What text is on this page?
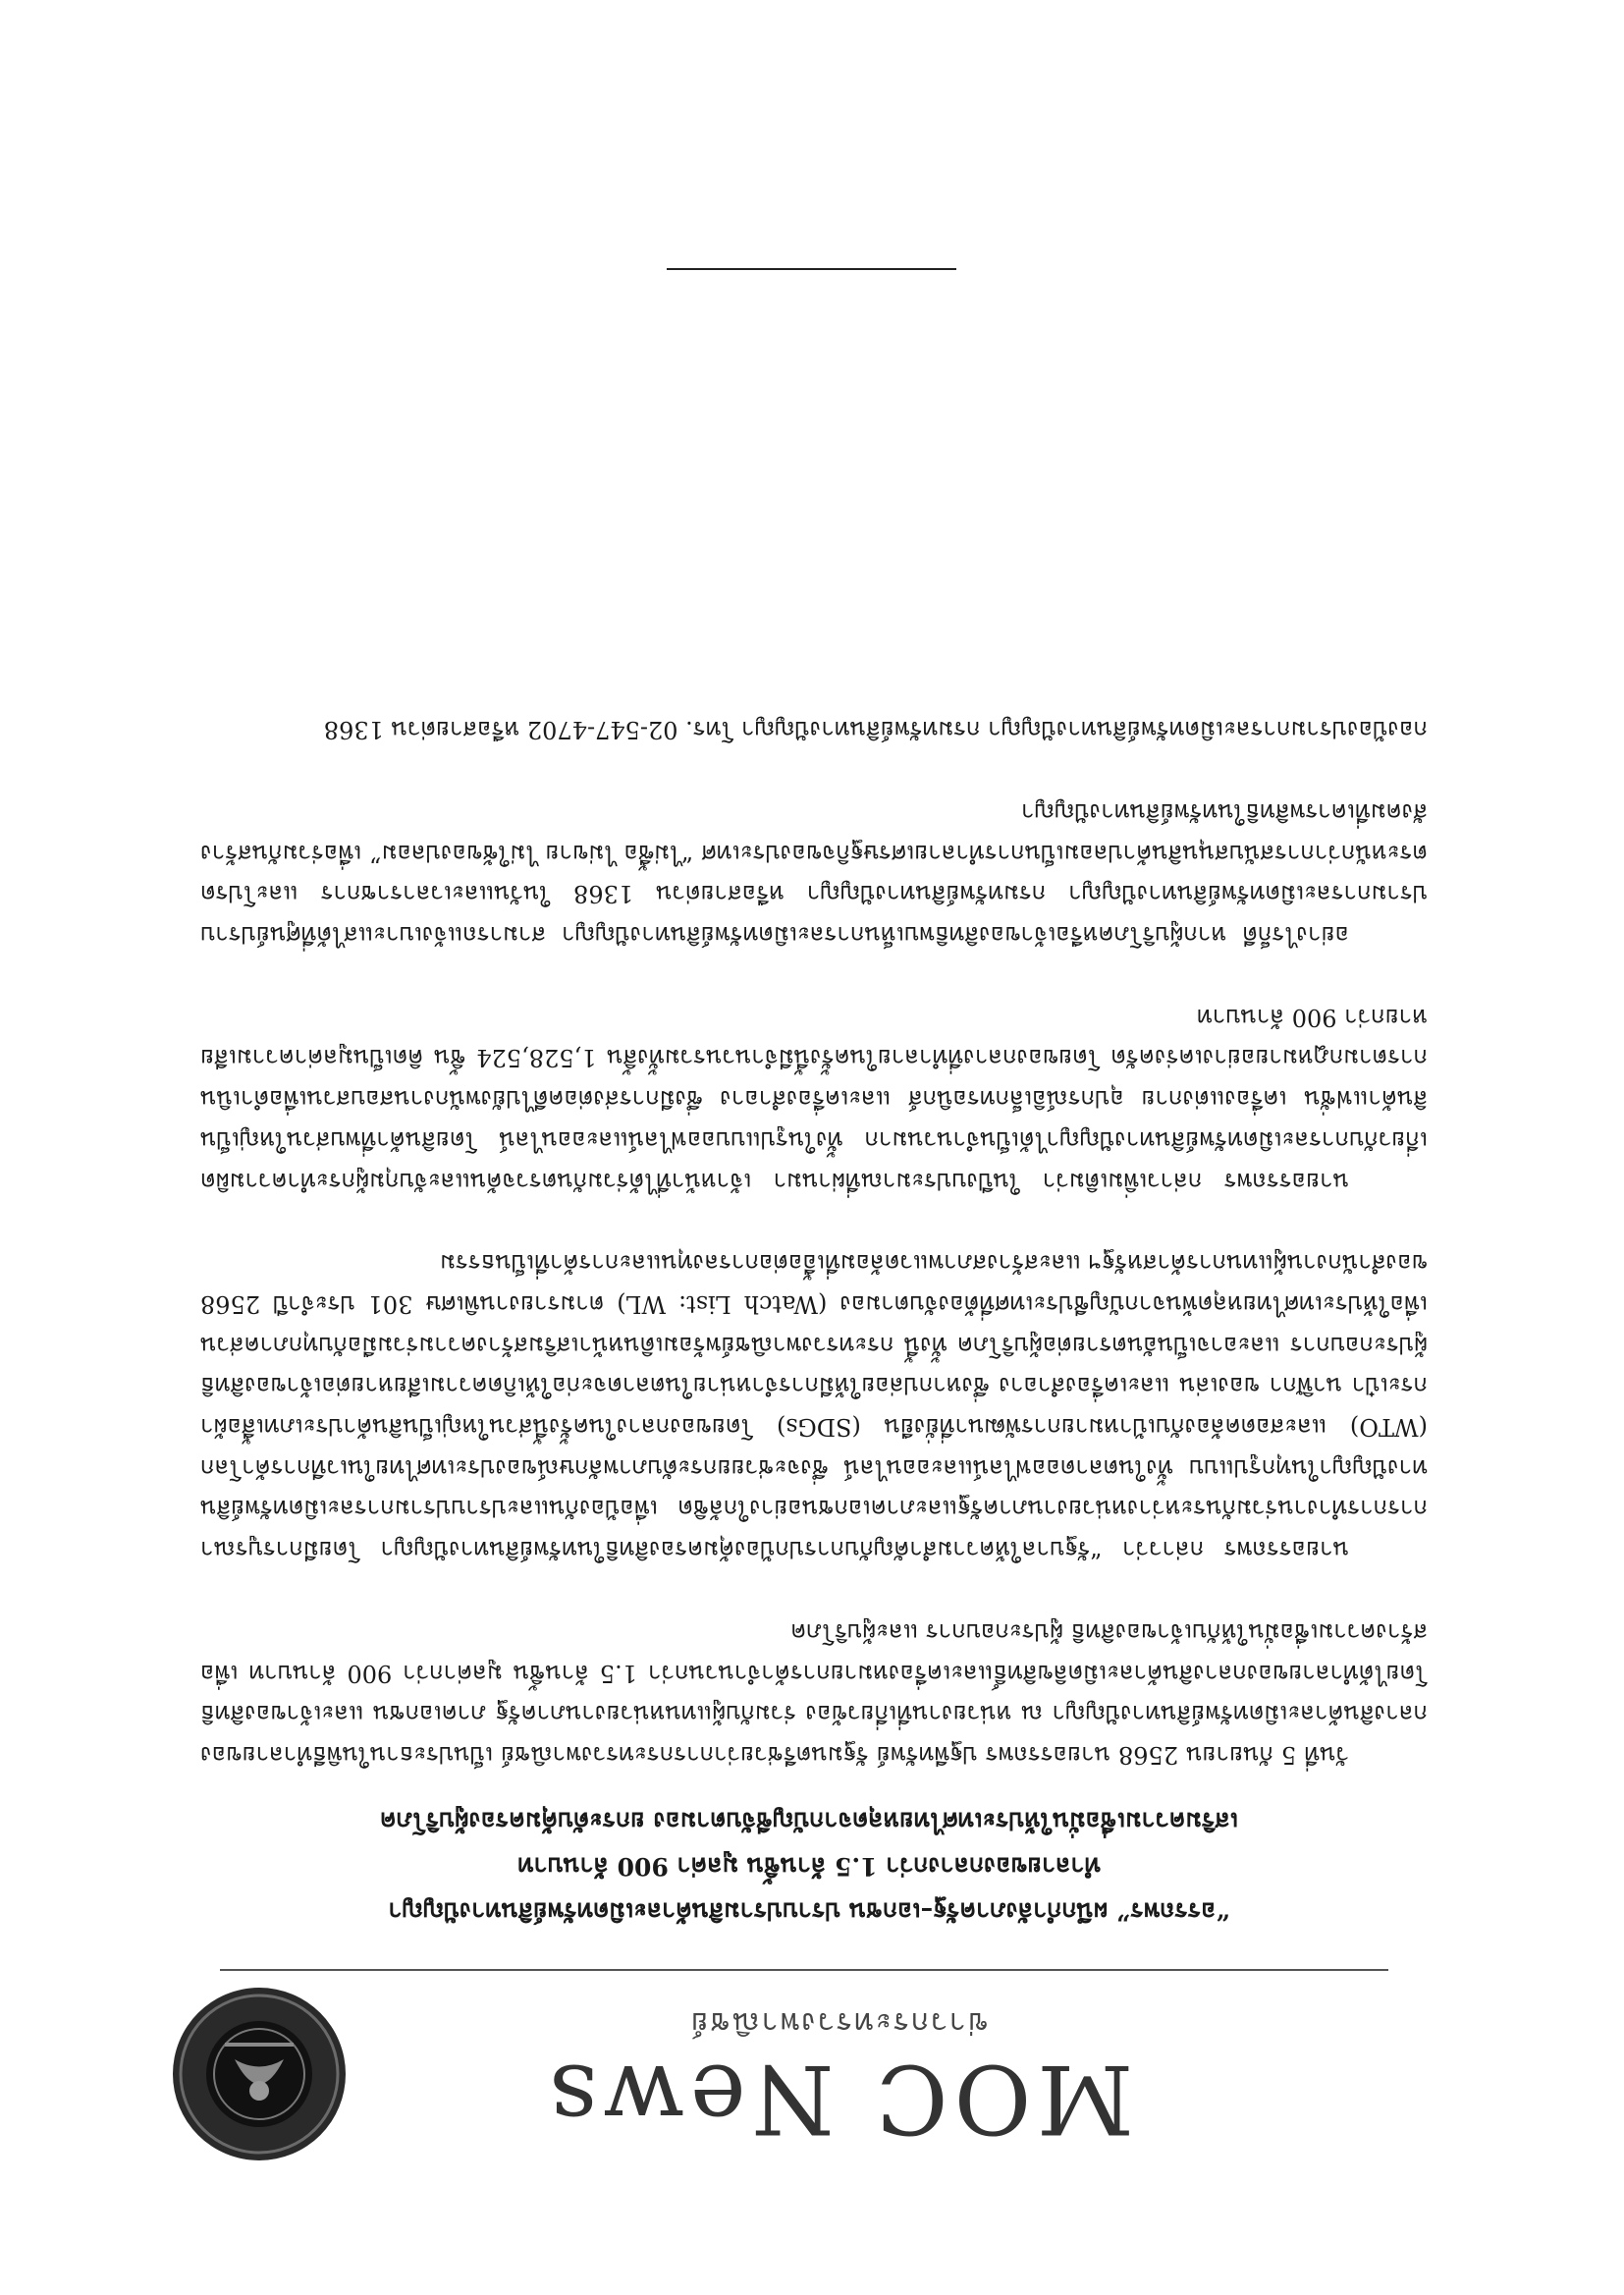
MOC News
ข่าวกระทรวงพาณิชย์
“อรรถพร” ผนึกกำลังภาครัฐ–เอกชน ปราบปรามสินค้าละเมิดทรัพย์สินทางปัญญา
ทำลายของกลางกว่า 1.5 ล้านชิ้น มูลค่า 900 ล้านบาท
เสริมความเชื่อมั่นให้ประเทศไทยหลุดจากบัญชีจับตามอง ยกระดับคุ้มครองผู้บริโภค

วันที่ 5 กันยายน 2568 นายอรรถพร ปฐพีทรัพย์ รัฐมนตรีช่วยว่าการกระทรวงพาณิชย์ เป็นประธานในพิธีทำลายของกลางสินค้าละเมิดทรัพย์สินทางปัญญา ณ หน่วยงานที่เกี่ยวข้อง ร่วมกับผู้แทนหน่วยงานภาครัฐ ภาคเอกชน และเจ้าของสิทธิ โดยได้ทำลายของกลางสินค้าละเมิดลิขสิทธิ์และเครื่องหมายการค้าจำนวนกว่า 1.5 ล้านชิ้น มูลค่ากว่า 900 ล้านบาท เพื่อสร้างความเชื่อมั่นให้กับเจ้าของสิทธิ ผู้ประกอบการ และผู้บริโภค

นายอรรถพร กล่าวว่า “รัฐบาลให้ความสำคัญกับการปกป้องคุ้มครองสิทธิในทรัพย์สินทางปัญญา โดยมีการบูรณาการการทำงานร่วมกันระหว่างหน่วยงานภาครัฐและภาคเอกชนอย่างใกล้ชิด เพื่อป้องกันและปราบปรามการละเมิดทรัพย์สินทางปัญญาในทุกรูปแบบ ทั้งในตลาดออฟไลน์และออนไลน์ ซึ่งจะช่วยยกระดับภาพลักษณ์ของประเทศไทยในเวทีการค้าโลก (WTO) และสอดคล้องกับเป้าหมายการพัฒนาที่ยั่งยืน (SDGs) โดยของกลางในครั้งนี้ส่วนใหญ่เป็นสินค้าประเภทเสื้อผ้า กระเป๋า นาฬิกา ของเล่น และเครื่องสำอาง ซึ่งหากปล่อยให้มีการจำหน่ายในตลาดจะก่อให้เกิดความเสียหายต่อเจ้าของสิทธิ ผู้ประกอบการ และอาจเป็นอันตรายต่อผู้บริโภค ทั้งนี้ กระทรวงพาณิชย์พร้อมเดินหน้าเสริมสร้างความร่วมมือกับทุกภาคส่วน เพื่อให้ประเทศไทยหลุดพ้นจากบัญชีประเทศที่ต้องจับตามอง (Watch List: WL) ตามรายงานพิเศษ 301 ประจำปี 2568 ของสำนักงานผู้แทนการค้าสหรัฐฯ และสร้างสภาพแวดล้อมที่เอื้อต่อการลงทุนและการค้าที่เป็นธรรม

นายอรรถพร กล่าวเพิ่มเติมว่า ในปีงบประมาณที่ผ่านมา เจ้าหน้าที่ได้ร่วมกันตรวจค้นและจับกุมผู้กระทำความผิดเกี่ยวกับการละเมิดทรัพย์สินทางปัญญาได้เป็นจำนวนมาก ทั้งในรูปแบบออฟไลน์และออนไลน์ โดยสินค้าที่พบส่วนใหญ่เป็นสินค้าแฟชั่น เครื่องแต่งกาย อุปกรณ์อิเล็กทรอนิกส์ และเครื่องสำอาง ซึ่งมีการส่งต่อคดีไปยังพนักงานสอบสวนเพื่อดำเนินการตามกฎหมายอย่างเคร่งครัด โดยของกลางที่ทำลายในครั้งนี้มีจำนวนรวมทั้งสิ้น 1,528,524 ชิ้น คิดเป็นมูลค่าความเสียหายกว่า 900 ล้านบาท

อย่างไรก็ดี หากผู้บริโภคหรือเจ้าของสิทธิพบเห็นการละเมิดทรัพย์สินทางปัญญา สามารถแจ้งเบาะแสได้ที่ศูนย์ปราบปรามการละเมิดทรัพย์สินทางปัญญา กรมทรัพย์สินทางปัญญา หรือสายด่วน 1368 ในวันและเวลาราชการ และโปรดตระหนักว่าการสนับสนุนสินค้าปลอมเป็นการทำลายเศรษฐกิจของประเทศ “ไม่ซื้อ ไม่ขาย ไม่ใช้ของปลอม” เพื่อร่วมกันสร้างสังคมที่เคารพสิทธิในทรัพย์สินทางปัญญา

กองป้องปรามการละเมิดทรัพย์สินทางปัญญา กรมทรัพย์สินทางปัญญา โทร. 02-547-4702 หรือสายด่วน 1368
